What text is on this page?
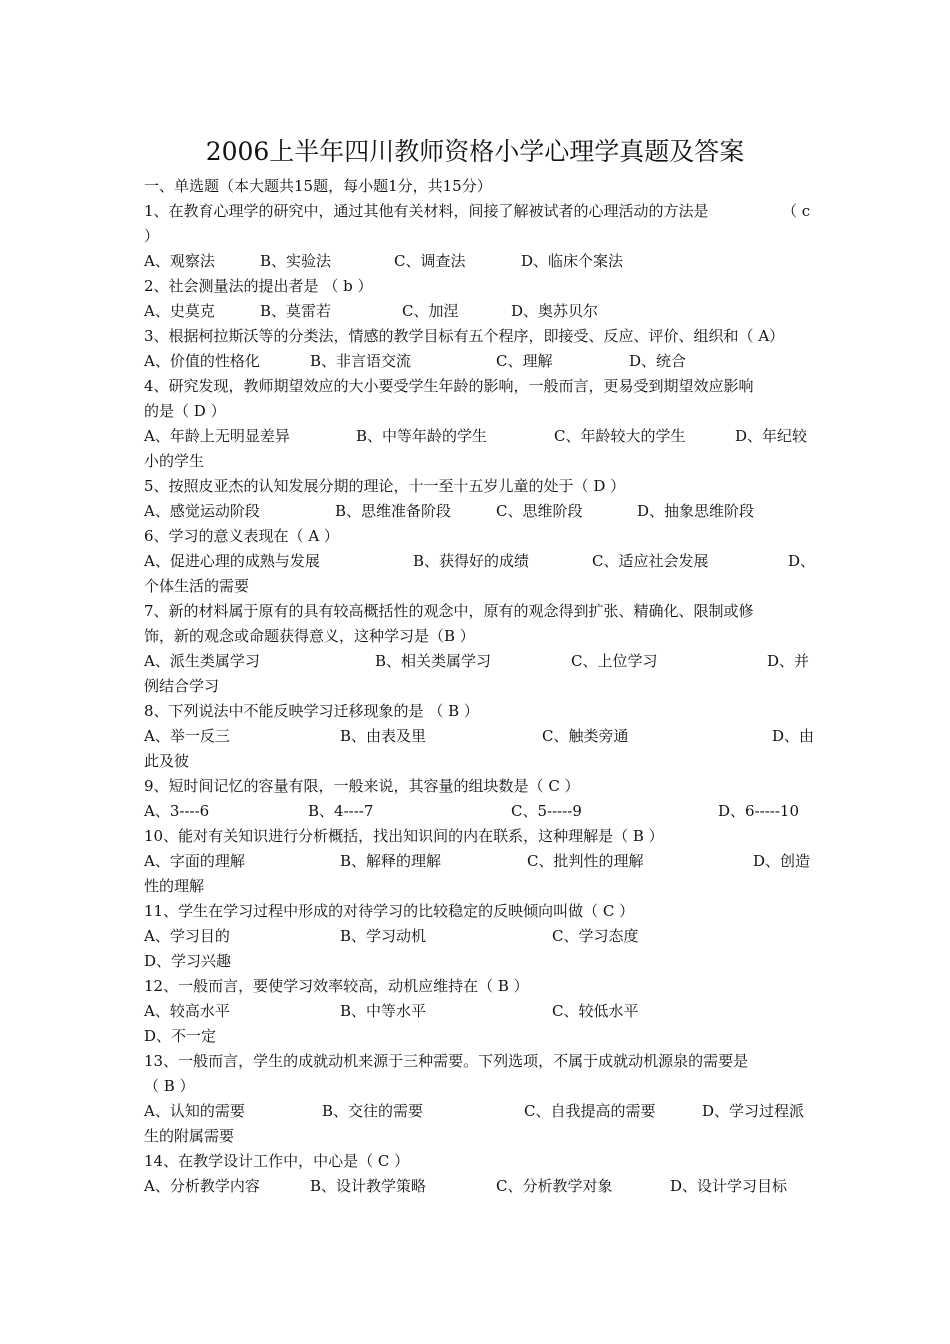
2006上半年四川教师资格小学心理学真题及答案
一、单选题（本大题共15题，每小题1分，共15分）
1、在教育心理学的研究中，通过其他有关材料，间接了解被试者的心理活动的方法是	（ c
）
A、观察法	B、实验法	C、调查法	D、临床个案法
2、社会测量法的提出者是 （ b ）
A、史莫克	B、莫雷若	C、加涅	D、奥苏贝尔
3、根据柯拉斯沃等的分类法，情感的教学目标有五个程序，即接受、反应、评价、组织和（ A）
A、价值的性格化	B、非言语交流	C、理解	D、统合
4、研究发现，教师期望效应的大小要受学生年龄的影响，一般而言，更易受到期望效应影响
的是（ D ）
A、年龄上无明显差异	B、中等年龄的学生	C、年龄较大的学生	D、年纪较
小的学生
5、按照皮亚杰的认知发展分期的理论，十一至十五岁儿童的处于（ D ）
A、感觉运动阶段	B、思维准备阶段	C、思维阶段	D、抽象思维阶段
6、学习的意义表现在（ A ）
A、促进心理的成熟与发展	B、获得好的成绩	C、适应社会发展	D、
个体生活的需要
7、新的材料属于原有的具有较高概括性的观念中，原有的观念得到扩张、精确化、限制或修
饰，新的观念或命题获得意义，这种学习是（B ）
A、派生类属学习	B、相关类属学习	C、上位学习	D、并
例结合学习
8、下列说法中不能反映学习迁移现象的是 （ B ）
A、举一反三	B、由表及里	C、触类旁通	D、由
此及彼
9、短时间记忆的容量有限，一般来说，其容量的组块数是（ C ）
A、3----6	B、4----7	C、5-----9	D、6-----10
10、能对有关知识进行分析概括，找出知识间的内在联系，这种理解是（ B ）
A、字面的理解	B、解释的理解	C、批判性的理解	D、创造
性的理解
11、学生在学习过程中形成的对待学习的比较稳定的反映倾向叫做（ C ）
A、学习目的	B、学习动机	C、学习态度
D、学习兴趣
12、一般而言，要使学习效率较高，动机应维持在（ B ）
A、较高水平	B、中等水平	C、较低水平
D、不一定
13、一般而言，学生的成就动机来源于三种需要。下列选项，不属于成就动机源泉的需要是
（ B ）
A、认知的需要	B、交往的需要	C、自我提高的需要	D、学习过程派
生的附属需要
14、在教学设计工作中，中心是（ C ）
A、分析教学内容	B、设计教学策略	C、分析教学对象	D、设计学习目标
